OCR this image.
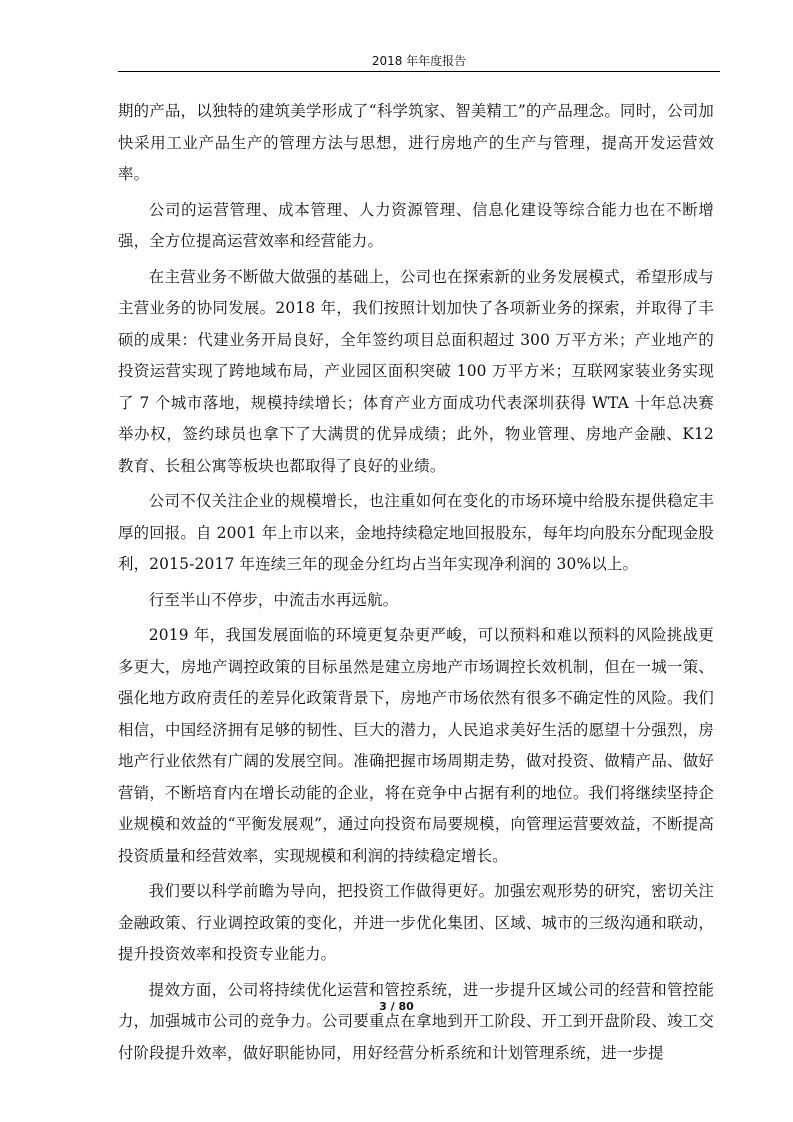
2018 年年度报告

期的产品，以独特的建筑美学形成了“科学筑家、智美精工”的产品理念。同时，公司加快采用工业产品生产的管理方法与思想，进行房地产的生产与管理，提高开发运营效率。

公司的运营管理、成本管理、人力资源管理、信息化建设等综合能力也在不断增强，全方位提高运营效率和经营能力。

在主营业务不断做大做强的基础上，公司也在探索新的业务发展模式，希望形成与主营业务的协同发展。2018 年，我们按照计划加快了各项新业务的探索，并取得了丰硕的成果：代建业务开局良好，全年签约项目总面积超过 300 万平方米；产业地产的投资运营实现了跨地域布局，产业园区面积突破 100 万平方米；互联网家装业务实现了 7 个城市落地，规模持续增长；体育产业方面成功代表深圳获得 WTA 十年总决赛举办权，签约球员也拿下了大满贯的优异成绩；此外，物业管理、房地产金融、K12 教育、长租公寓等板块也都取得了良好的业绩。

公司不仅关注企业的规模增长，也注重如何在变化的市场环境中给股东提供稳定丰厚的回报。自 2001 年上市以来，金地持续稳定地回报股东，每年均向股东分配现金股利，2015-2017 年连续三年的现金分红均占当年实现净利润的 30%以上。

行至半山不停步，中流击水再远航。

2019 年，我国发展面临的环境更复杂更严峻，可以预料和难以预料的风险挑战更多更大，房地产调控政策的目标虽然是建立房地产市场调控长效机制，但在一城一策、强化地方政府责任的差异化政策背景下，房地产市场依然有很多不确定性的风险。我们相信，中国经济拥有足够的韧性、巨大的潜力，人民追求美好生活的愿望十分强烈，房地产行业依然有广阔的发展空间。准确把握市场周期走势，做对投资、做精产品、做好营销，不断培育内在增长动能的企业，将在竞争中占据有利的地位。我们将继续坚持企业规模和效益的“平衡发展观”，通过向投资布局要规模，向管理运营要效益，不断提高投资质量和经营效率，实现规模和利润的持续稳定增长。

我们要以科学前瞻为导向，把投资工作做得更好。加强宏观形势的研究，密切关注金融政策、行业调控政策的变化，并进一步优化集团、区域、城市的三级沟通和联动，提升投资效率和投资专业能力。

提效方面，公司将持续优化运营和管控系统，进一步提升区域公司的经营和管控能力，加强城市公司的竞争力。公司要重点在拿地到开工阶段、开工到开盘阶段、竣工交付阶段提升效率，做好职能协同，用好经营分析系统和计划管理系统，进一步提

3 / 80
